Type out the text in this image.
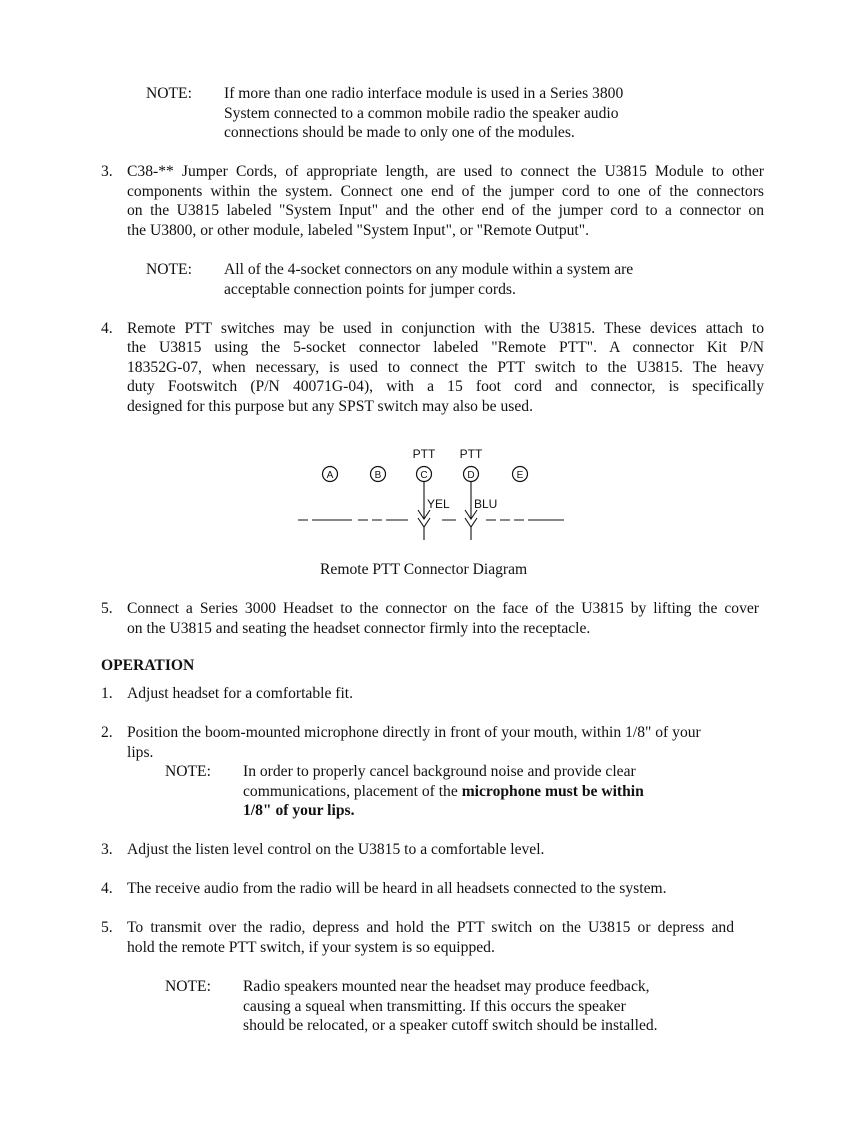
NOTE: If more than one radio interface module is used in a Series 3800
System connected to a common mobile radio the speaker audio
connections should be made to only one of the modules.
3. C38-** Jumper Cords, of appropriate length, are used to connect the U3815 Module to other
components within the system. Connect one end of the jumper cord to one of the connectors
on the U3815 labeled "System Input" and the other end of the jumper cord to a connector on
the U3800, or other module, labeled "System Input", or "Remote Output".
NOTE: All of the 4-socket connectors on any module within a system are
acceptable connection points for jumper cords.
4. Remote PTT switches may be used in conjunction with the U3815. These devices attach to
the U3815 using the 5-socket connector labeled "Remote PTT". A connector Kit P/N
18352G-07, when necessary, is used to connect the PTT switch to the U3815. The heavy
duty Footswitch (P/N 40071G-04), with a 15 foot cord and connector, is specifically
designed for this purpose but any SPST switch may also be used.
PTT PTT
A	B	C	D	E
YEL BLU
Remote PTT Connector Diagram
5. Connect a Series 3000 Headset to the connector on the face of the U3815 by lifting the cover
on the U3815 and seating the headset connector firmly into the receptacle.
OPERATION
1. Adjust headset for a comfortable fit.
2. Position the boom-mounted microphone directly in front of your mouth, within 1/8" of your
lips.
NOTE: In order to properly cancel background noise and provide clear
communications, placement of the microphone must be within
1/8" of your lips.
3. Adjust the listen level control on the U3815 to a comfortable level.
4. The receive audio from the radio will be heard in all headsets connected to the system.
5. To transmit over the radio, depress and hold the PTT switch on the U3815 or depress and
hold the remote PTT switch, if your system is so equipped.
NOTE: Radio speakers mounted near the headset may produce feedback,
causing a squeal when transmitting. If this occurs the speaker
should be relocated, or a speaker cutoff switch should be installed.
